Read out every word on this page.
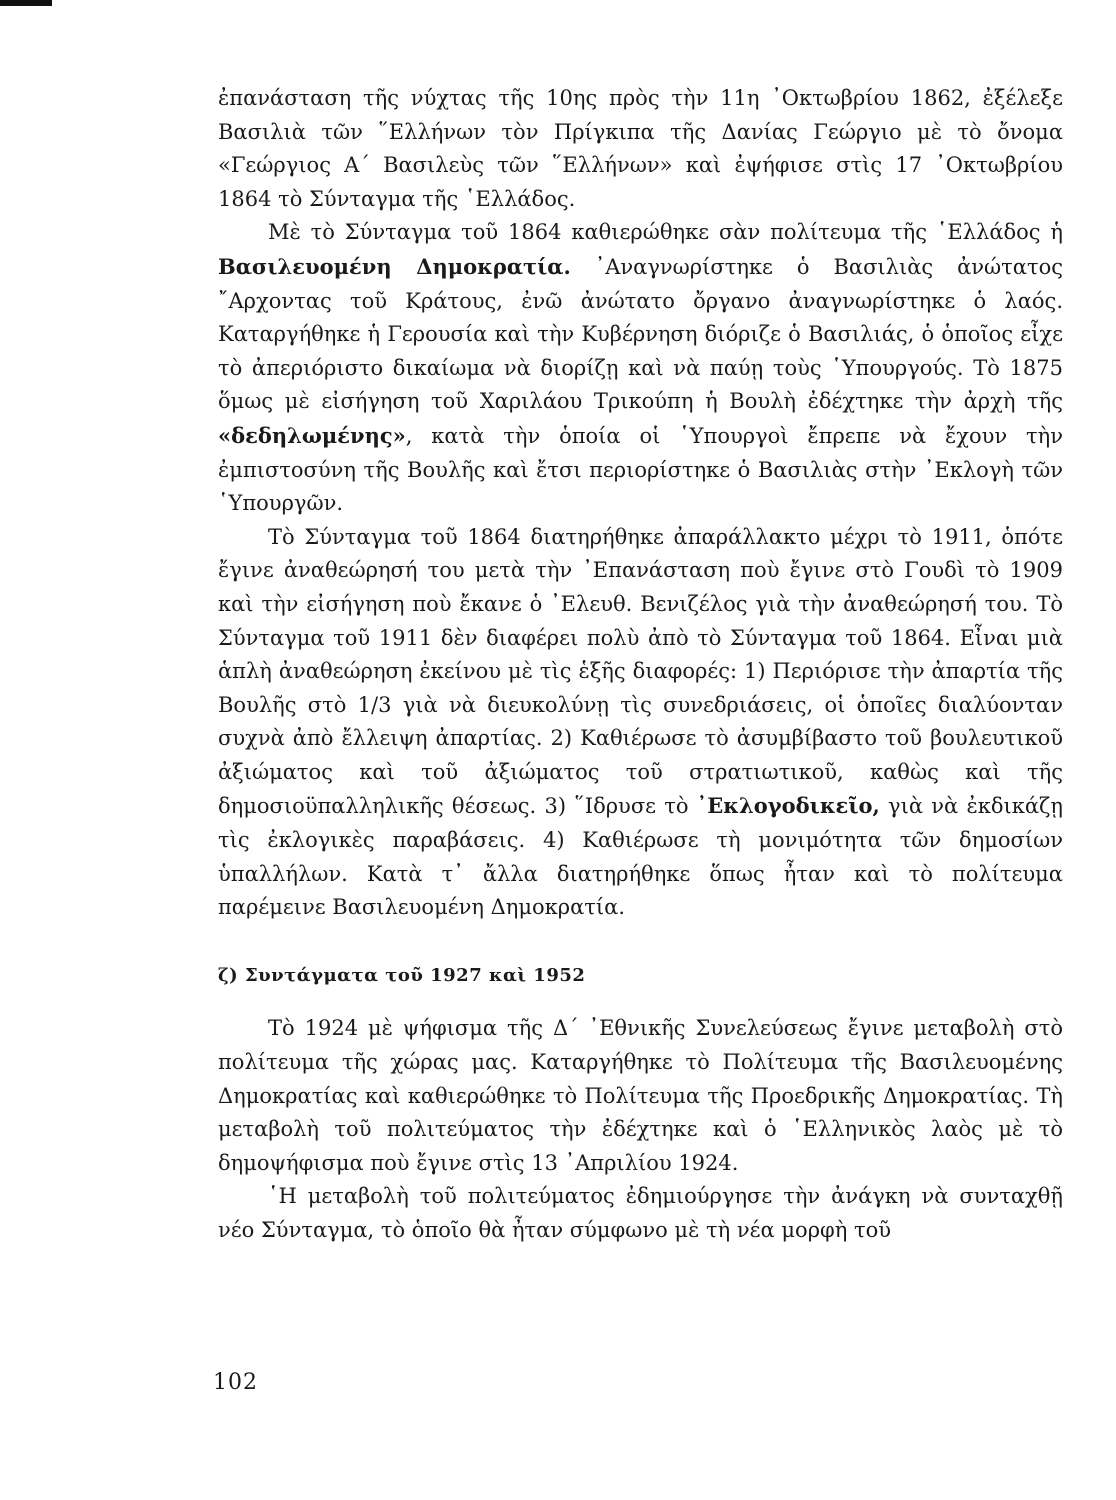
ἐπανάσταση τῆς νύχτας τῆς 10ης πρὸς τὴν 11η ᾿Οκτωβρίου 1862, ἐξέλεξε Βασιλιὰ τῶν ῞Ελλήνων τὸν Πρίγκιπα τῆς Δανίας Γεώργιο μὲ τὸ ὄνομα «Γεώργιος Α΄ Βασιλεὺς τῶν ῞Ελλήνων» καὶ ἐψήφισε στὶς 17 ᾿Οκτωβρίου 1864 τὸ Σύνταγμα τῆς ῾Ελλάδος.

Μὲ τὸ Σύνταγμα τοῦ 1864 καθιερώθηκε σὰν πολίτευμα τῆς ῾Ελλάδος ἡ Βασιλευομένη Δημοκρατία. ᾿Αναγνωρίστηκε ὁ Βασιλιὰς ἀνώτατος ῎Αρχοντας τοῦ Κράτους, ἐνῶ ἀνώτατο ὄργανο ἀναγνωρίστηκε ὁ λαός. Καταργήθηκε ἡ Γερουσία καὶ τὴν Κυβέρνηση διόριζε ὁ Βασιλιάς, ὁ ὁποῖος εἶχε τὸ ἀπεριόριστο δικαίωμα νὰ διορίζῃ καὶ νὰ παύῃ τοὺς ῾Υπουργούς. Τὸ 1875 ὅμως μὲ εἰσήγηση τοῦ Χαριλάου Τρικούπη ἡ Βουλὴ ἐδέχτηκε τὴν ἀρχὴ τῆς «δεδηλωμένης», κατὰ τὴν ὁποία οἱ ῾Υπουργοὶ ἔπρεπε νὰ ἔχουν τὴν ἐμπιστοσύνη τῆς Βουλῆς καὶ ἔτσι περιορίστηκε ὁ Βασιλιὰς στὴν ᾿Εκλογὴ τῶν ῾Υπουργῶν.

Τὸ Σύνταγμα τοῦ 1864 διατηρήθηκε ἀπαράλλακτο μέχρι τὸ 1911, ὁπότε ἔγινε ἀναθεώρησή του μετὰ τὴν ᾿Επανάσταση ποὺ ἔγινε στὸ Γουδὶ τὸ 1909 καὶ τὴν εἰσήγηση ποὺ ἔκανε ὁ ᾿Ελευθ. Βενιζέλος γιὰ τὴν ἀναθεώρησή του. Τὸ Σύνταγμα τοῦ 1911 δὲν διαφέρει πολὺ ἀπὸ τὸ Σύνταγμα τοῦ 1864. Εἶναι μιὰ ἁπλὴ ἀναθεώρηση ἐκείνου μὲ τὶς ἑξῆς διαφορές: 1) Περιόρισε τὴν ἀπαρτία τῆς Βουλῆς στὸ 1/3 γιὰ νὰ διευκολύνῃ τὶς συνεδριάσεις, οἱ ὁποῖες διαλύονταν συχνὰ ἀπὸ ἔλλειψη ἀπαρτίας. 2) Καθιέρωσε τὸ ἀσυμβίβαστο τοῦ βουλευτικοῦ ἀξιώματος καὶ τοῦ ἀξιώματος τοῦ στρατιωτικοῦ, καθὼς καὶ τῆς δημοσιοϋπαλληλικῆς θέσεως. 3) ῞Ιδρυσε τὸ ᾿Εκλογοδικεῖο, γιὰ νὰ ἐκδικάζῃ τὶς ἐκλογικὲς παραβάσεις. 4) Καθιέρωσε τὴ μονιμότητα τῶν δημοσίων ὑπαλλήλων. Κατὰ τ᾿ ἄλλα διατηρήθηκε ὅπως ἦταν καὶ τὸ πολίτευμα παρέμεινε Βασιλευομένη Δημοκρατία.

ζ) Συντάγματα τοῦ 1927 καὶ 1952

Τὸ 1924 μὲ ψήφισμα τῆς Δ΄ ᾿Εθνικῆς Συνελεύσεως ἔγινε μεταβολὴ στὸ πολίτευμα τῆς χώρας μας. Καταργήθηκε τὸ Πολίτευμα τῆς Βασιλευομένης Δημοκρατίας καὶ καθιερώθηκε τὸ Πολίτευμα τῆς Προεδρικῆς Δημοκρατίας. Τὴ μεταβολὴ τοῦ πολιτεύματος τὴν ἐδέχτηκε καὶ ὁ ῾Ελληνικὸς λαὸς μὲ τὸ δημοψήφισμα ποὺ ἔγινε στὶς 13 ᾿Απριλίου 1924.

῾Η μεταβολὴ τοῦ πολιτεύματος ἐδημιούργησε τὴν ἀνάγκη νὰ συνταχθῇ νέο Σύνταγμα, τὸ ὁποῖο θὰ ἦταν σύμφωνο μὲ τὴ νέα μορφὴ τοῦ

102
